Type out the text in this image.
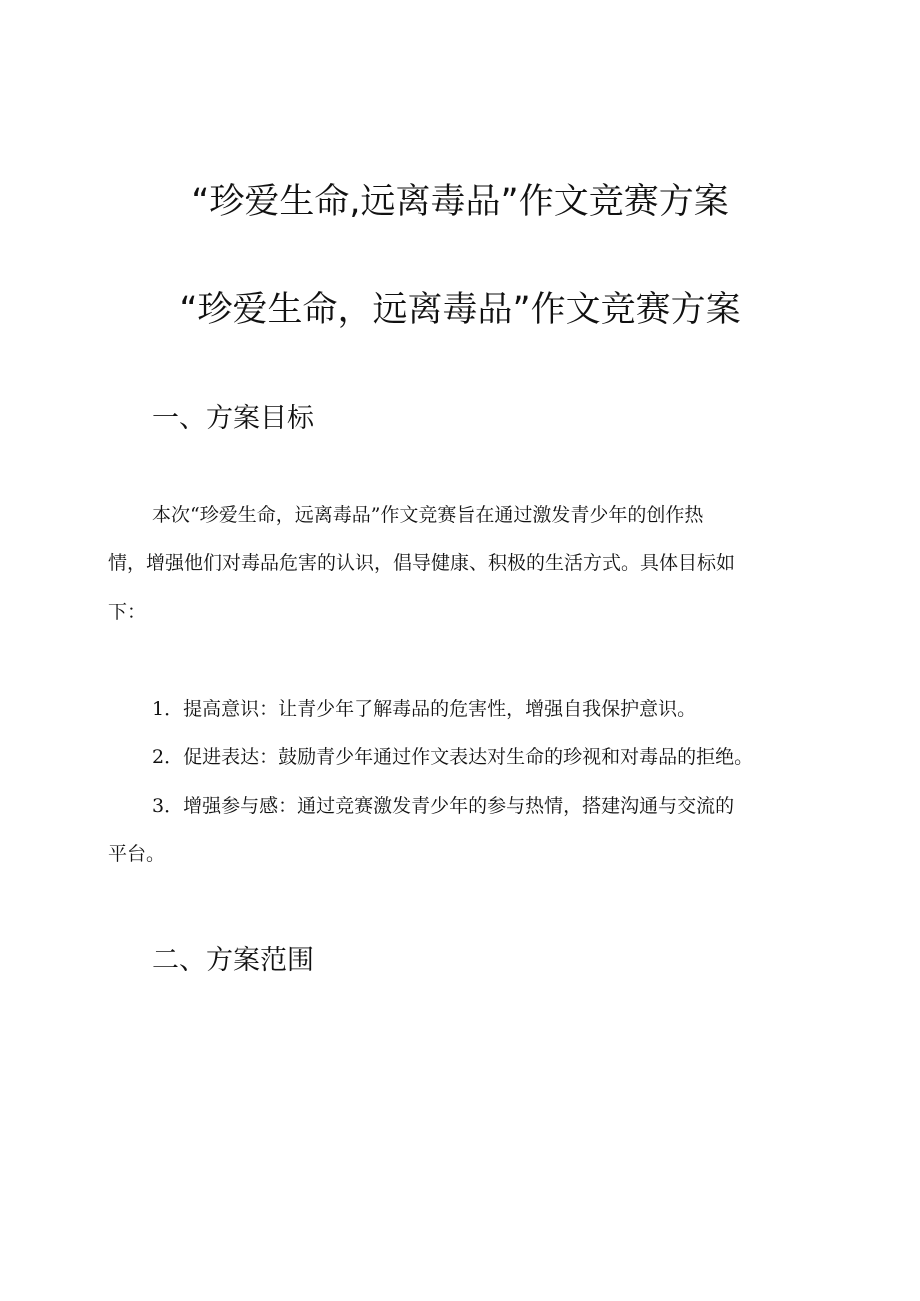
“珍爱生命,远离毒品”作文竞赛方案
“珍爱生命，远离毒品”作文竞赛方案
一、方案目标
本次“珍爱生命，远离毒品”作文竞赛旨在通过激发青少年的创作热
情，增强他们对毒品危害的认识，倡导健康、积极的生活方式。具体目标如
下：
1．提高意识：让青少年了解毒品的危害性，增强自我保护意识。
2．促进表达：鼓励青少年通过作文表达对生命的珍视和对毒品的拒绝。
3．增强参与感：通过竞赛激发青少年的参与热情，搭建沟通与交流的
平台。
二、方案范围
